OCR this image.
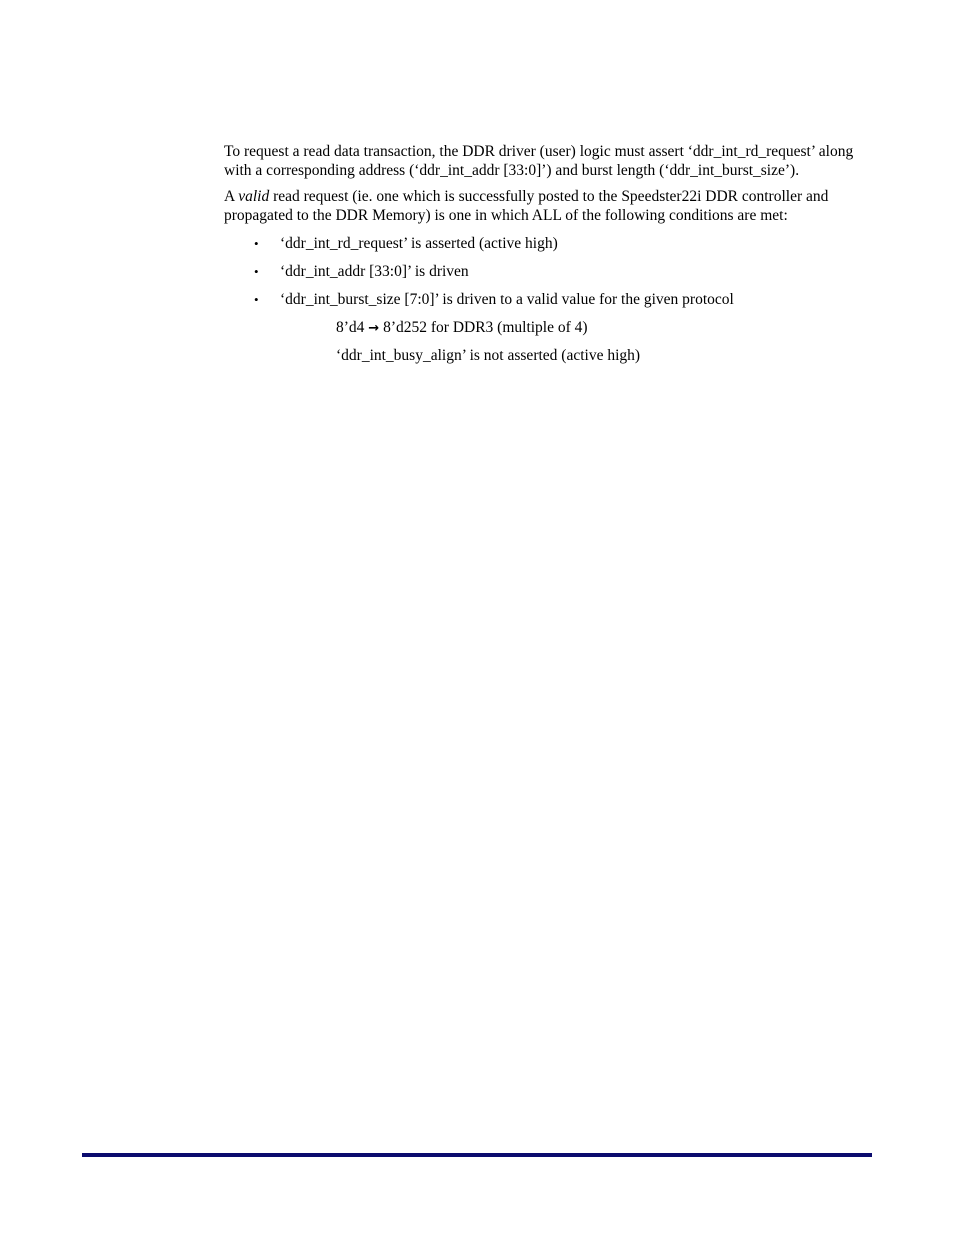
To request a read data transaction, the DDR driver (user) logic must assert ‘ddr_int_rd_request’ along with a corresponding address (‘ddr_int_addr [33:0]’) and burst length (‘ddr_int_burst_size’).

A valid read request (ie. one which is successfully posted to the Speedster22i DDR controller and propagated to the DDR Memory) is one in which ALL of the following conditions are met:

• ‘ddr_int_rd_request’ is asserted (active high)
• ‘ddr_int_addr [33:0]’ is driven
• ‘ddr_int_burst_size [7:0]’ is driven to a valid value for the given protocol
8’d4 → 8’d252 for DDR3 (multiple of 4)
‘ddr_int_busy_align’ is not asserted (active high)
